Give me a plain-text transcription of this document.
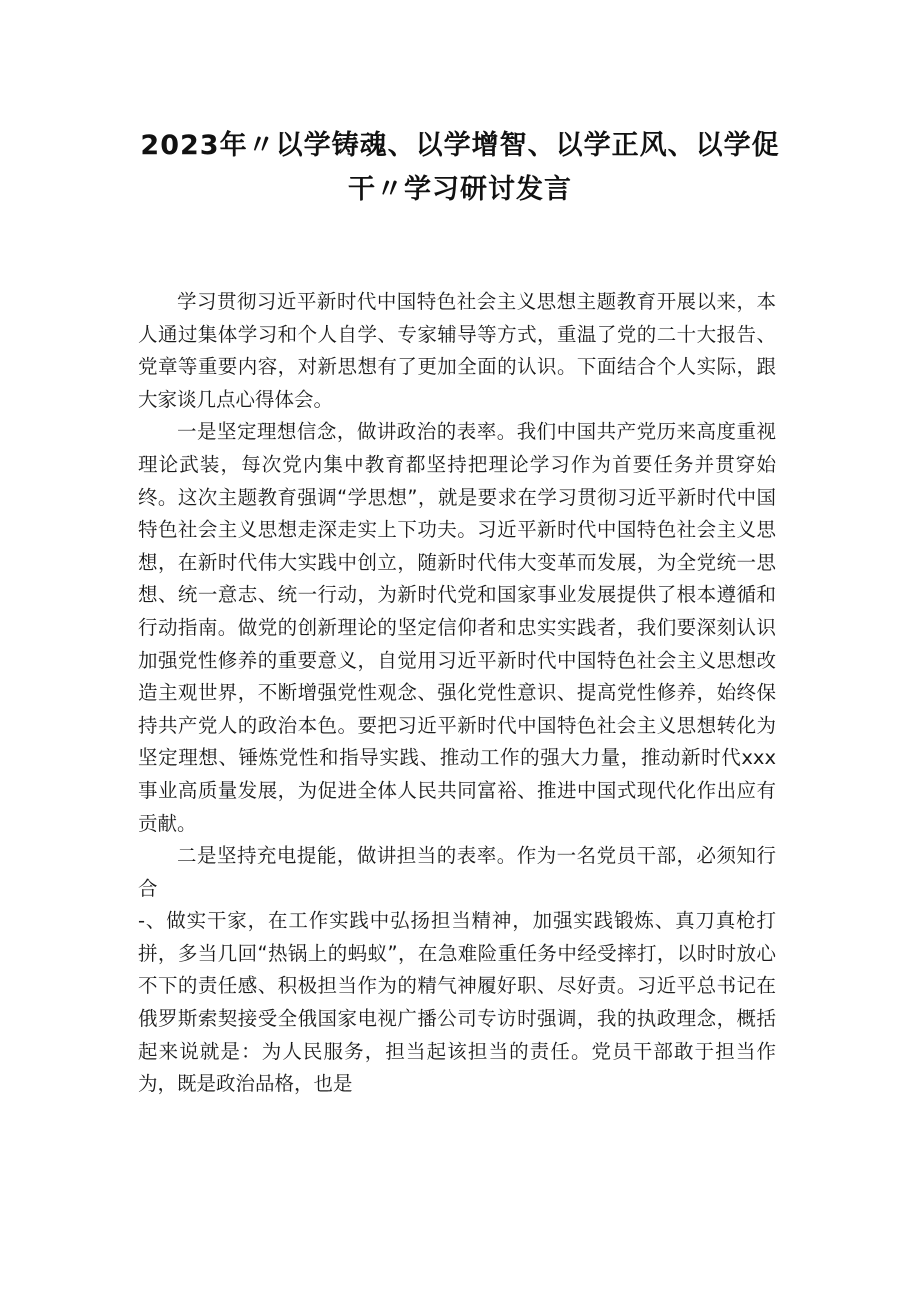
2023年〃以学铸魂、以学增智、以学正风、以学促
干〃学习研讨发言

学习贯彻习近平新时代中国特色社会主义思想主题教育开展以来，本人通过集体学习和个人自学、专家辅导等方式，重温了党的二十大报告、党章等重要内容，对新思想有了更加全面的认识。下面结合个人实际，跟大家谈几点心得体会。

一是坚定理想信念，做讲政治的表率。我们中国共产党历来高度重视理论武装，每次党内集中教育都坚持把理论学习作为首要任务并贯穿始终。这次主题教育强调“学思想”，就是要求在学习贯彻习近平新时代中国特色社会主义思想走深走实上下功夫。习近平新时代中国特色社会主义思想，在新时代伟大实践中创立，随新时代伟大变革而发展，为全党统一思想、统一意志、统一行动，为新时代党和国家事业发展提供了根本遵循和行动指南。做党的创新理论的坚定信仰者和忠实实践者，我们要深刻认识加强党性修养的重要意义，自觉用习近平新时代中国特色社会主义思想改造主观世界，不断增强党性观念、强化党性意识、提高党性修养，始终保持共产党人的政治本色。要把习近平新时代中国特色社会主义思想转化为坚定理想、锤炼党性和指导实践、推动工作的强大力量，推动新时代xxx事业高质量发展，为促进全体人民共同富裕、推进中国式现代化作出应有贡献。

二是坚持充电提能，做讲担当的表率。作为一名党员干部，必须知行合

-、做实干家，在工作实践中弘扬担当精神，加强实践锻炼、真刀真枪打拼，多当几回“热锅上的蚂蚁”，在急难险重任务中经受摔打，以时时放心不下的责任感、积极担当作为的精气神履好职、尽好责。习近平总书记在俄罗斯索契接受全俄国家电视广播公司专访时强调，我的执政理念，概括起来说就是：为人民服务，担当起该担当的责任。党员干部敢于担当作为，既是政治品格，也是
